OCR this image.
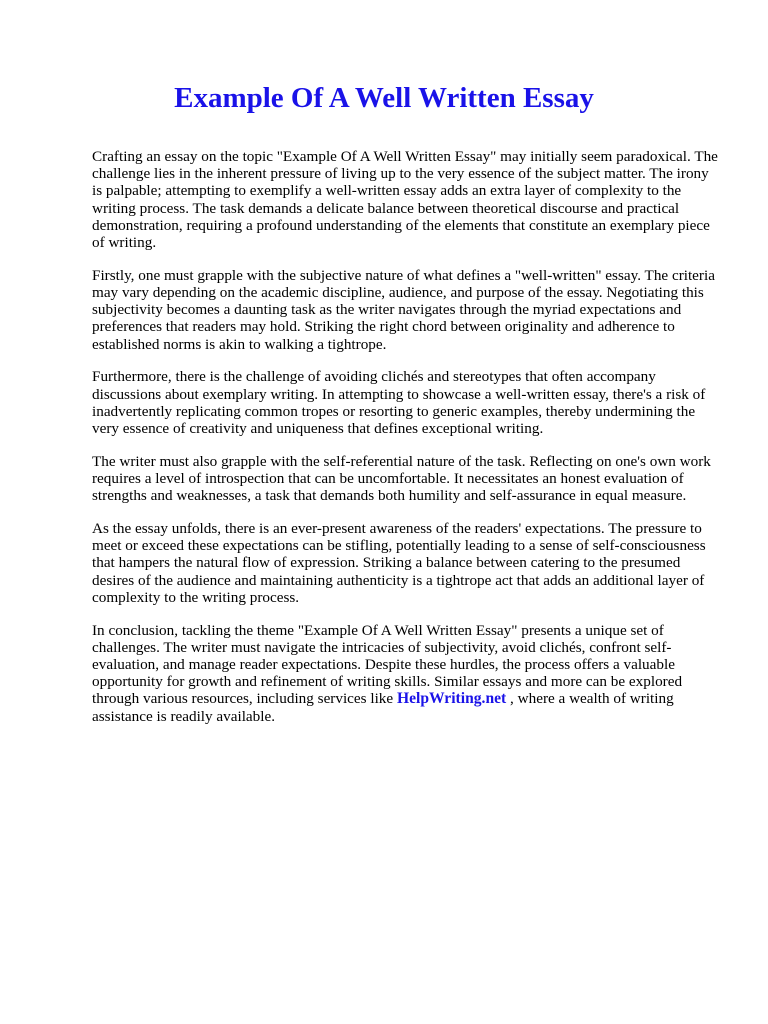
Example Of A Well Written Essay

Crafting an essay on the topic "Example Of A Well Written Essay" may initially seem paradoxical. The challenge lies in the inherent pressure of living up to the very essence of the subject matter. The irony is palpable; attempting to exemplify a well-written essay adds an extra layer of complexity to the writing process. The task demands a delicate balance between theoretical discourse and practical demonstration, requiring a profound understanding of the elements that constitute an exemplary piece of writing.

Firstly, one must grapple with the subjective nature of what defines a "well-written" essay. The criteria may vary depending on the academic discipline, audience, and purpose of the essay. Negotiating this subjectivity becomes a daunting task as the writer navigates through the myriad expectations and preferences that readers may hold. Striking the right chord between originality and adherence to established norms is akin to walking a tightrope.

Furthermore, there is the challenge of avoiding clichés and stereotypes that often accompany discussions about exemplary writing. In attempting to showcase a well-written essay, there's a risk of inadvertently replicating common tropes or resorting to generic examples, thereby undermining the very essence of creativity and uniqueness that defines exceptional writing.

The writer must also grapple with the self-referential nature of the task. Reflecting on one's own work requires a level of introspection that can be uncomfortable. It necessitates an honest evaluation of strengths and weaknesses, a task that demands both humility and self-assurance in equal measure.

As the essay unfolds, there is an ever-present awareness of the readers' expectations. The pressure to meet or exceed these expectations can be stifling, potentially leading to a sense of self-consciousness that hampers the natural flow of expression. Striking a balance between catering to the presumed desires of the audience and maintaining authenticity is a tightrope act that adds an additional layer of complexity to the writing process.

In conclusion, tackling the theme "Example Of A Well Written Essay" presents a unique set of challenges. The writer must navigate the intricacies of subjectivity, avoid clichés, confront self-evaluation, and manage reader expectations. Despite these hurdles, the process offers a valuable opportunity for growth and refinement of writing skills. Similar essays and more can be explored through various resources, including services like HelpWriting.net , where a wealth of writing assistance is readily available.
